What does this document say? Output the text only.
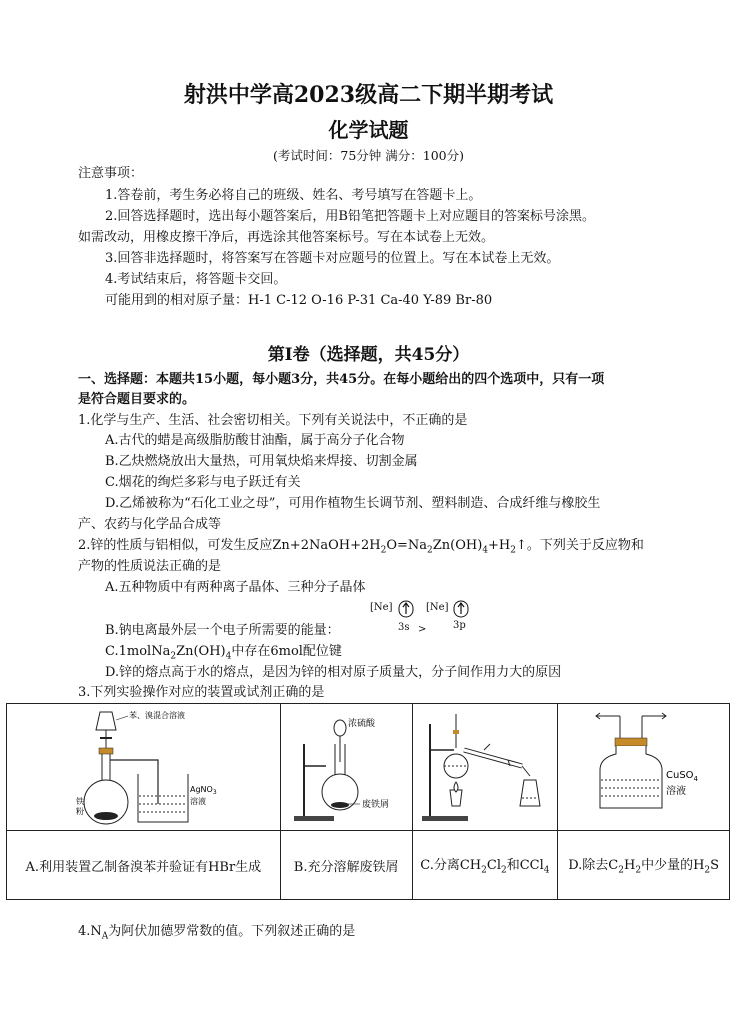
射洪中学高2023级高二下期半期考试
化学试题
(考试时间：75分钟 满分：100分)
注意事项：
1.答卷前，考生务必将自己的班级、姓名、考号填写在答题卡上。
2.回答选择题时，选出每小题答案后，用B铅笔把答题卡上对应题目的答案标号涂黑。
如需改动，用橡皮擦干净后，再选涂其他答案标号。写在本试卷上无效。
3.回答非选择题时，将答案写在答题卡对应题号的位置上。写在本试卷上无效。
4.考试结束后，将答题卡交回。
可能用到的相对原子量：H-1 C-12 O-16 P-31 Ca-40 Y-89 Br-80
第I卷（选择题，共45分）
一、选择题：本题共15小题，每小题3分，共45分。在每小题给出的四个选项中，只有一项
是符合题目要求的。
1.化学与生产、生活、社会密切相关。下列有关说法中，不正确的是
A.古代的蜡是高级脂肪酸甘油酯，属于高分子化合物
B.乙炔燃烧放出大量热，可用氧炔焰来焊接、切割金属
C.烟花的绚烂多彩与电子跃迁有关
D.乙烯被称为“石化工业之母”，可用作植物生长调节剂、塑料制造、合成纤维与橡胶生
产、农药与化学品合成等
2.锌的性质与铝相似，可发生反应$Zn+2NaOH+2H_2O=Na_2Zn(OH)_4+H_2↑$。下列关于反应物和
产物的性质说法正确的是
A.五种物质中有两种离子晶体、三种分子晶体
B.钠电离最外层一个电子所需要的能量：
[Ne]
3s >
[Ne]
3p
$C.1molNa_2Zn(OH)_4$中存在6mol配位键
D.锌的熔点高于水的熔点，是因为锌的相对原子质量大，分子间作用力大的原因
3.下列实验操作对应的装置或试剂正确的是
苯、溴混合溶液
铁
粉
AgNO$_3$
溶液	浓硫酸
废铁屑		CuSO$_4$
溶液

A.利用装置乙制备溴苯并验证有HBr生成	B.充分溶解废铁屑	C.分离$CH_2Cl_2$和CCl$_4$	D.除去$C_2H_2$中少量的$H_2S$
$4.N_A$为阿伏加德罗常数的值。下列叙述正确的是
